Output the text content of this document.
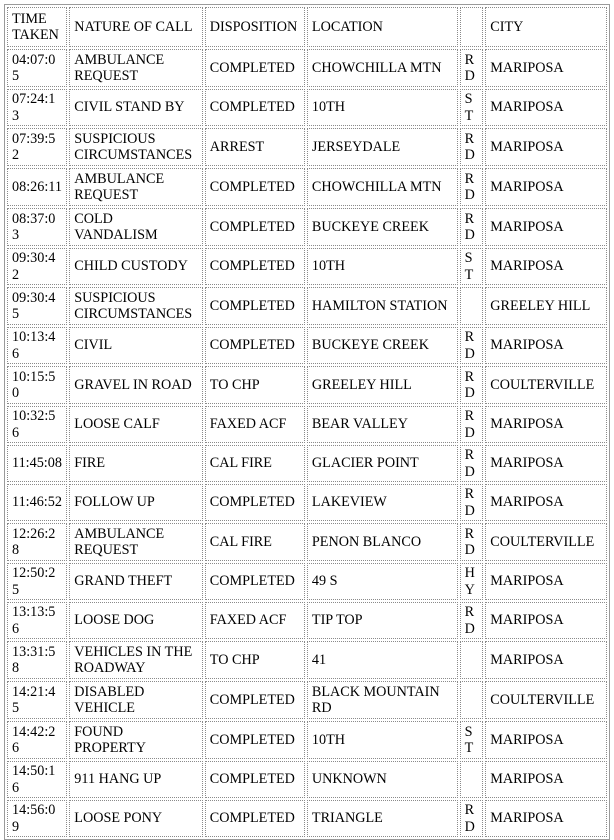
TIME TAKEN	NATURE OF CALL	DISPOSITION	LOCATION		CITY
04:07:05	AMBULANCE REQUEST	COMPLETED	CHOWCHILLA MTN	RD	MARIPOSA
07:24:13	CIVIL STAND BY	COMPLETED	10TH	ST	MARIPOSA
07:39:52	SUSPICIOUS CIRCUMSTANCES	ARREST	JERSEYDALE	RD	MARIPOSA
08:26:11	AMBULANCE REQUEST	COMPLETED	CHOWCHILLA MTN	RD	MARIPOSA
08:37:03	COLD VANDALISM	COMPLETED	BUCKEYE CREEK	RD	MARIPOSA
09:30:42	CHILD CUSTODY	COMPLETED	10TH	ST	MARIPOSA
09:30:45	SUSPICIOUS CIRCUMSTANCES	COMPLETED	HAMILTON STATION		GREELEY HILL
10:13:46	CIVIL	COMPLETED	BUCKEYE CREEK	RD	MARIPOSA
10:15:50	GRAVEL IN ROAD	TO CHP	GREELEY HILL	RD	COULTERVILLE
10:32:56	LOOSE CALF	FAXED ACF	BEAR VALLEY	RD	MARIPOSA
11:45:08	FIRE	CAL FIRE	GLACIER POINT	RD	MARIPOSA
11:46:52	FOLLOW UP	COMPLETED	LAKEVIEW	RD	MARIPOSA
12:26:28	AMBULANCE REQUEST	CAL FIRE	PENON BLANCO	RD	COULTERVILLE
12:50:25	GRAND THEFT	COMPLETED	49 S	HY	MARIPOSA
13:13:56	LOOSE DOG	FAXED ACF	TIP TOP	RD	MARIPOSA
13:31:58	VEHICLES IN THE ROADWAY	TO CHP	41		MARIPOSA
14:21:45	DISABLED VEHICLE	COMPLETED	BLACK MOUNTAIN RD		COULTERVILLE
14:42:26	FOUND PROPERTY	COMPLETED	10TH	ST	MARIPOSA
14:50:16	911 HANG UP	COMPLETED	UNKNOWN		MARIPOSA
14:56:09	LOOSE PONY	COMPLETED	TRIANGLE	RD	MARIPOSA
